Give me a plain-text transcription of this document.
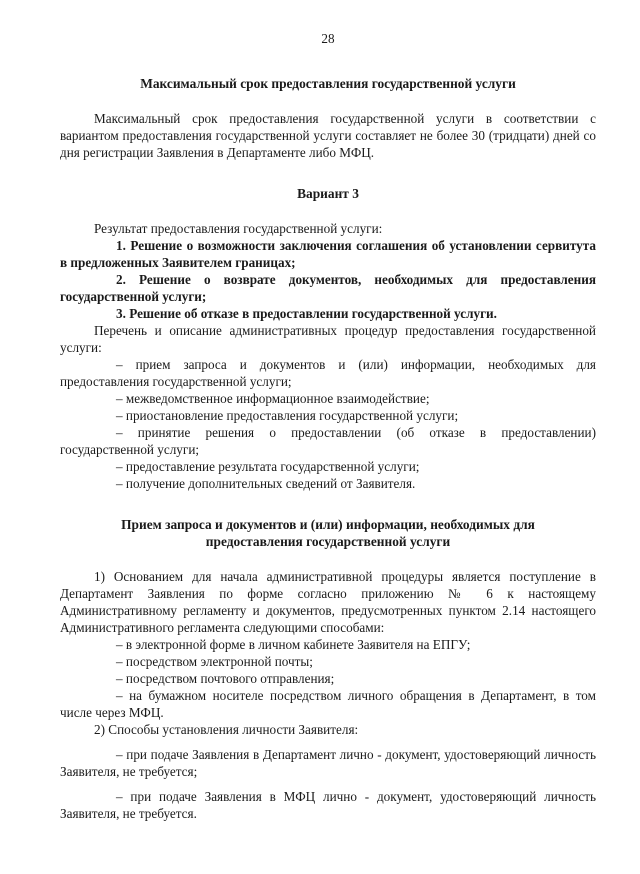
28
Максимальный срок предоставления государственной услуги

Максимальный срок предоставления государственной услуги в соответствии с вариантом предоставления государственной услуги составляет не более 30 (тридцати) дней со дня регистрации Заявления в Департаменте либо МФЦ.

Вариант 3

Результат предоставления государственной услуги:

1. Решение о возможности заключения соглашения об установлении сервитута в предложенных Заявителем границах;

2. Решение о возврате документов, необходимых для предоставления государственной услуги;

3. Решение об отказе в предоставлении государственной услуги.

Перечень и описание административных процедур предоставления государственной услуги:

– прием запроса и документов и (или) информации, необходимых для предоставления государственной услуги;

– межведомственное информационное взаимодействие;

– приостановление предоставления государственной услуги;

– принятие решения о предоставлении (об отказе в предоставлении) государственной услуги;

– предоставление результата государственной услуги;

– получение дополнительных сведений от Заявителя.

Прием запроса и документов и (или) информации, необходимых для
предоставления государственной услуги

1) Основанием для начала административной процедуры является поступление в Департамент Заявления по форме согласно приложению № 6 к настоящему Административному регламенту и документов, предусмотренных пунктом 2.14 настоящего Административного регламента следующими способами:

– в электронной форме в личном кабинете Заявителя на ЕПГУ;

– посредством электронной почты;

– посредством почтового отправления;

– на бумажном носителе посредством личного обращения в Департамент, в том числе через МФЦ.

2) Способы установления личности Заявителя:

– при подаче Заявления в Департамент лично - документ, удостоверяющий личность Заявителя, не требуется;

– при подаче Заявления в МФЦ лично - документ, удостоверяющий личность Заявителя, не требуется.
